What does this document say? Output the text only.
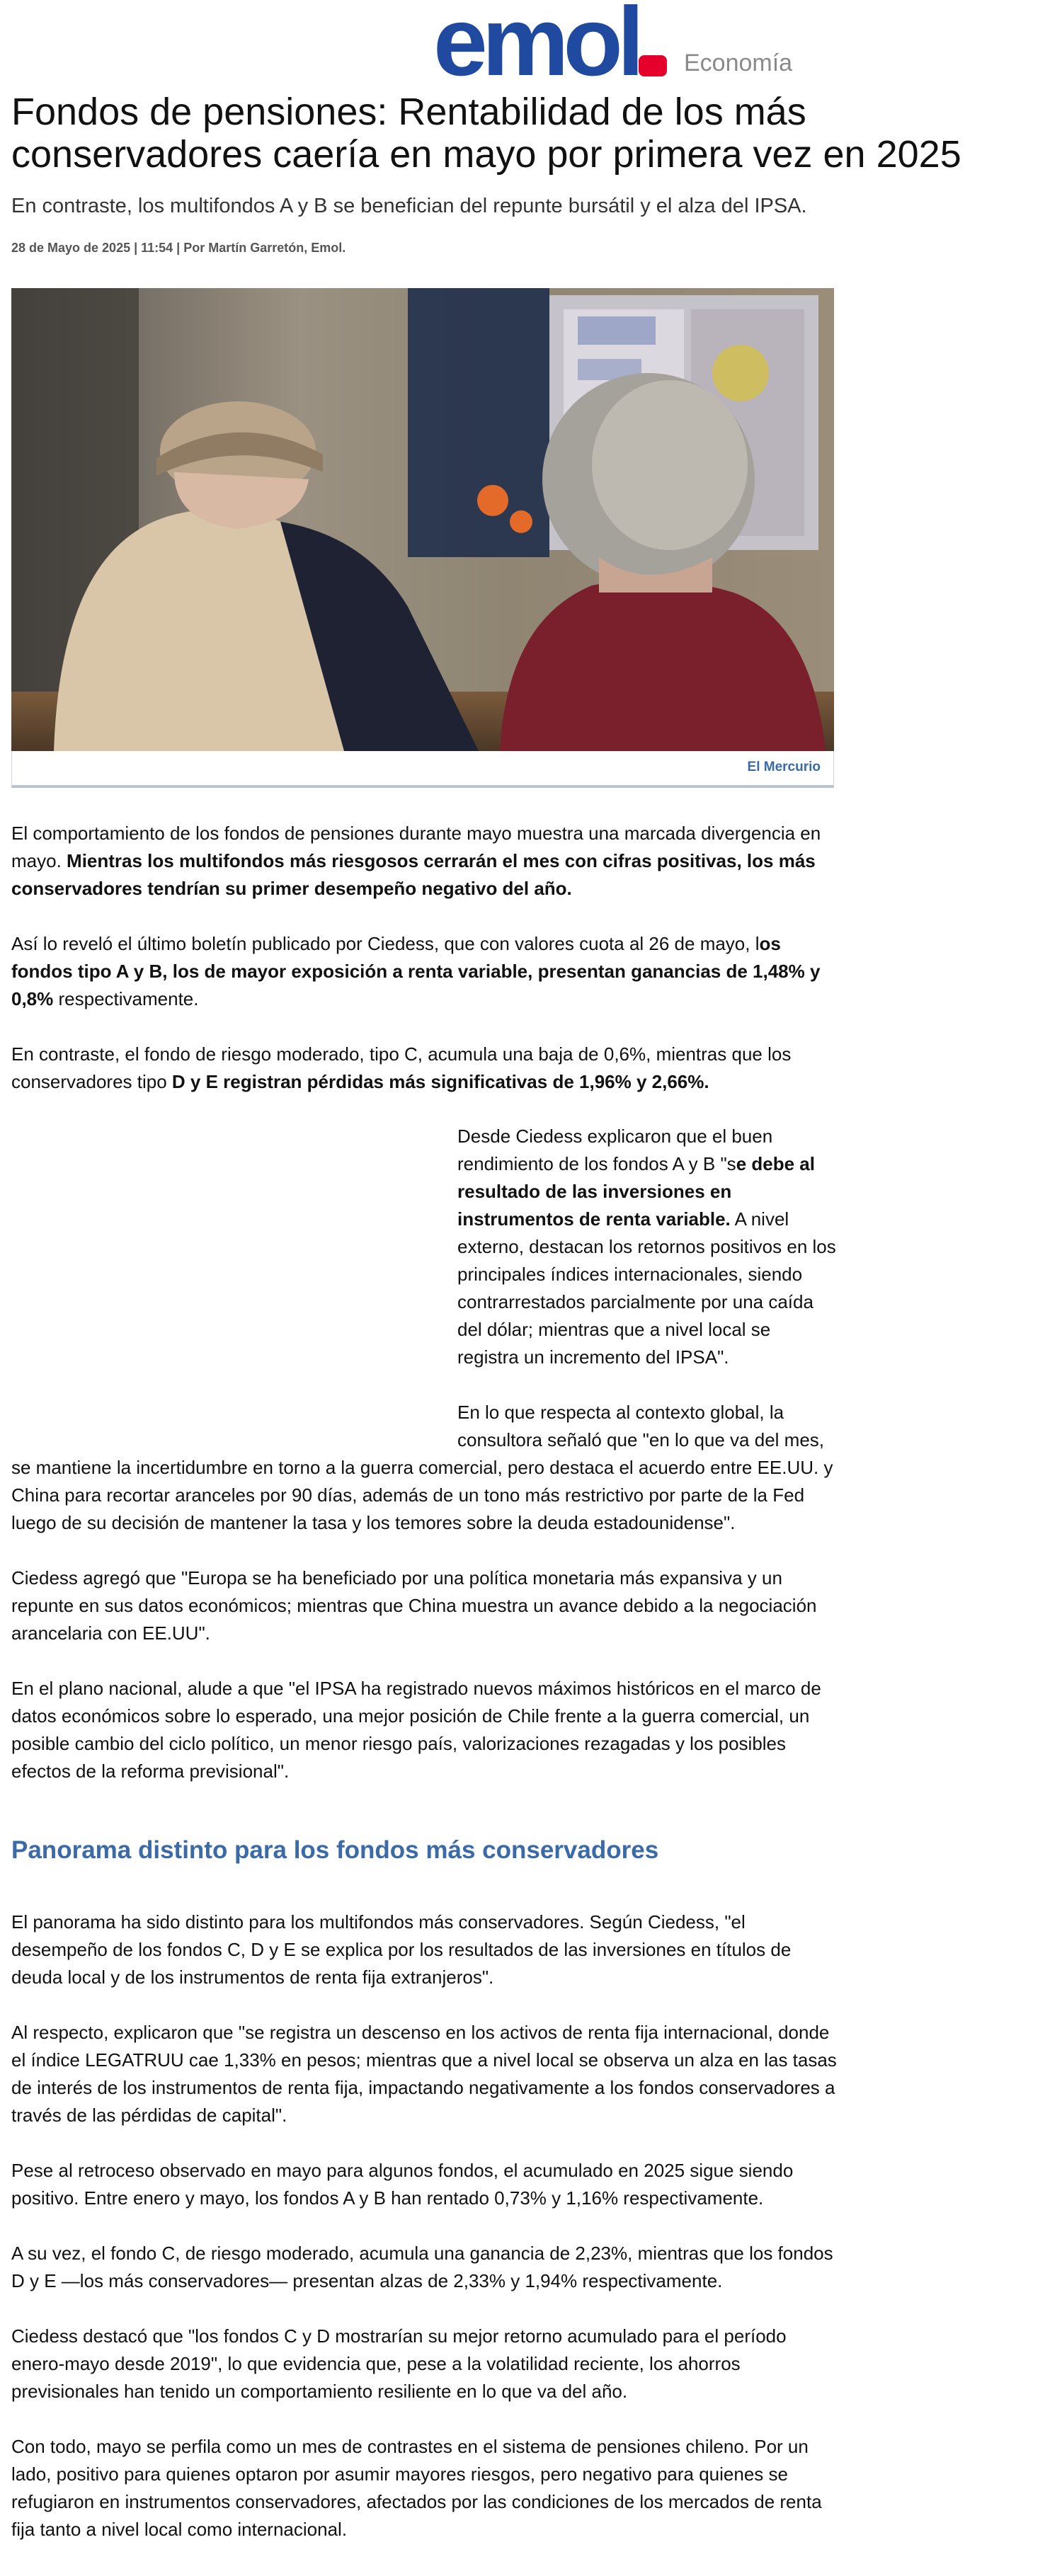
emol Economía
Fondos de pensiones: Rentabilidad de los más conservadores caería en mayo por primera vez en 2025

En contraste, los multifondos A y B se benefician del repunte bursátil y el alza del IPSA.

28 de Mayo de 2025 | 11:54 | Por Martín Garretón, Emol.
El Mercurio

El comportamiento de los fondos de pensiones durante mayo muestra una marcada divergencia en mayo. Mientras los multifondos más riesgosos cerrarán el mes con cifras positivas, los más conservadores tendrían su primer desempeño negativo del año.

Así lo reveló el último boletín publicado por Ciedess, que con valores cuota al 26 de mayo, los fondos tipo A y B, los de mayor exposición a renta variable, presentan ganancias de 1,48% y 0,8% respectivamente.

En contraste, el fondo de riesgo moderado, tipo C, acumula una baja de 0,6%, mientras que los conservadores tipo D y E registran pérdidas más significativas de 1,96% y 2,66%.

Desde Ciedess explicaron que el buen rendimiento de los fondos A y B "se debe al resultado de las inversiones en instrumentos de renta variable. A nivel externo, destacan los retornos positivos en los principales índices internacionales, siendo contrarrestados parcialmente por una caída del dólar; mientras que a nivel local se registra un incremento del IPSA".

En lo que respecta al contexto global, la consultora señaló que "en lo que va del mes,

se mantiene la incertidumbre en torno a la guerra comercial, pero destaca el acuerdo entre EE.UU. y China para recortar aranceles por 90 días, además de un tono más restrictivo por parte de la Fed luego de su decisión de mantener la tasa y los temores sobre la deuda estadounidense".

Ciedess agregó que "Europa se ha beneficiado por una política monetaria más expansiva y un repunte en sus datos económicos; mientras que China muestra un avance debido a la negociación arancelaria con EE.UU".

En el plano nacional, alude a que "el IPSA ha registrado nuevos máximos históricos en el marco de datos económicos sobre lo esperado, una mejor posición de Chile frente a la guerra comercial, un posible cambio del ciclo político, un menor riesgo país, valorizaciones rezagadas y los posibles efectos de la reforma previsional".

Panorama distinto para los fondos más conservadores

El panorama ha sido distinto para los multifondos más conservadores. Según Ciedess, "el desempeño de los fondos C, D y E se explica por los resultados de las inversiones en títulos de deuda local y de los instrumentos de renta fija extranjeros".

Al respecto, explicaron que "se registra un descenso en los activos de renta fija internacional, donde el índice LEGATRUU cae 1,33% en pesos; mientras que a nivel local se observa un alza en las tasas de interés de los instrumentos de renta fija, impactando negativamente a los fondos conservadores a través de las pérdidas de capital".

Pese al retroceso observado en mayo para algunos fondos, el acumulado en 2025 sigue siendo positivo. Entre enero y mayo, los fondos A y B han rentado 0,73% y 1,16% respectivamente.

A su vez, el fondo C, de riesgo moderado, acumula una ganancia de 2,23%, mientras que los fondos D y E —los más conservadores— presentan alzas de 2,33% y 1,94% respectivamente.

Ciedess destacó que "los fondos C y D mostrarían su mejor retorno acumulado para el período enero-mayo desde 2019", lo que evidencia que, pese a la volatilidad reciente, los ahorros previsionales han tenido un comportamiento resiliente en lo que va del año.

Con todo, mayo se perfila como un mes de contrastes en el sistema de pensiones chileno. Por un lado, positivo para quienes optaron por asumir mayores riesgos, pero negativo para quienes se refugiaron en instrumentos conservadores, afectados por las condiciones de los mercados de renta fija tanto a nivel local como internacional.
